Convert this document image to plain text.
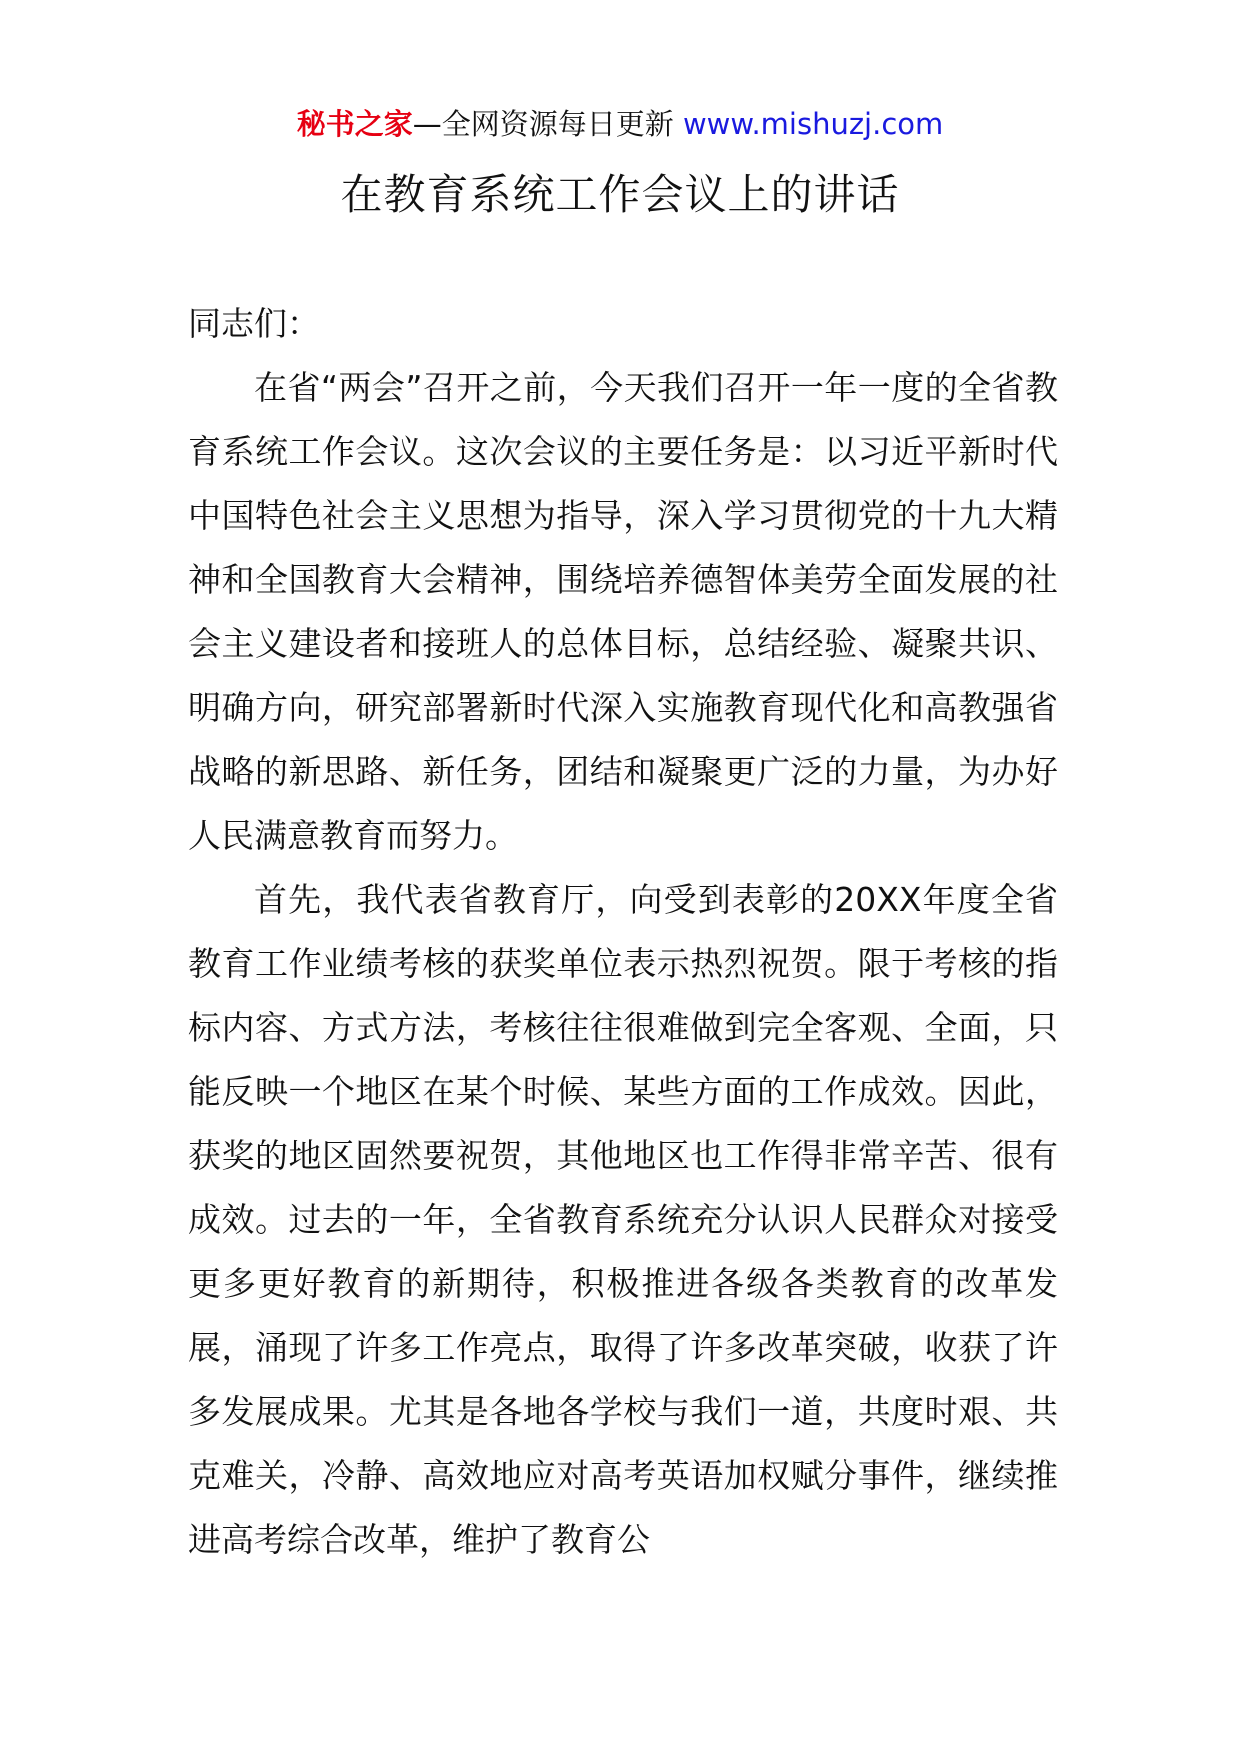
秘书之家—全网资源每日更新 www.mishuzj.com
在教育系统工作会议上的讲话

同志们：

在省“两会”召开之前，今天我们召开一年一度的全省教育系统工作会议。这次会议的主要任务是：以习近平新时代中国特色社会主义思想为指导，深入学习贯彻党的十九大精神和全国教育大会精神，围绕培养德智体美劳全面发展的社会主义建设者和接班人的总体目标，总结经验、凝聚共识、明确方向，研究部署新时代深入实施教育现代化和高教强省战略的新思路、新任务，团结和凝聚更广泛的力量，为办好人民满意教育而努力。

首先，我代表省教育厅，向受到表彰的20XX年度全省教育工作业绩考核的获奖单位表示热烈祝贺。限于考核的指标内容、方式方法，考核往往很难做到完全客观、全面，只能反映一个地区在某个时候、某些方面的工作成效。因此，获奖的地区固然要祝贺，其他地区也工作得非常辛苦、很有成效。过去的一年，全省教育系统充分认识人民群众对接受更多更好教育的新期待，积极推进各级各类教育的改革发展，涌现了许多工作亮点，取得了许多改革突破，收获了许多发展成果。尤其是各地各学校与我们一道，共度时艰、共克难关，冷静、高效地应对高考英语加权赋分事件，继续推进高考综合改革，维护了教育公
